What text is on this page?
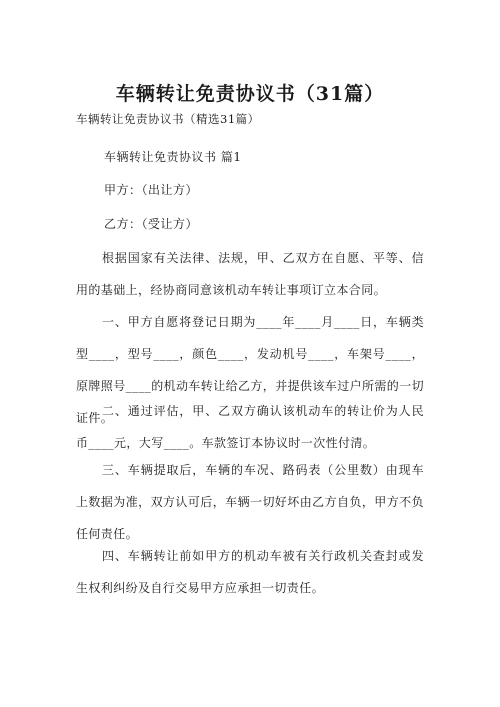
车辆转让免责协议书（31篇）
车辆转让免责协议书（精选31篇）
车辆转让免责协议书 篇1
甲方：（出让方）
乙方：（受让方）
根据国家有关法律、法规，甲、乙双方在自愿、平等、信用的基础上，经协商同意该机动车转让事项订立本合同。
一、甲方自愿将登记日期为____年____月____日，车辆类型____，型号____，颜色____，发动机号____，车架号____，原牌照号____的机动车转让给乙方，并提供该车过户所需的一切证件。
二、通过评估，甲、乙双方确认该机动车的转让价为人民币____元，大写____。车款签订本协议时一次性付清。
三、车辆提取后，车辆的车况、路码表（公里数）由现车上数据为准，双方认可后，车辆一切好坏由乙方自负，甲方不负任何责任。
四、车辆转让前如甲方的机动车被有关行政机关查封或发生权利纠纷及自行交易甲方应承担一切责任。
